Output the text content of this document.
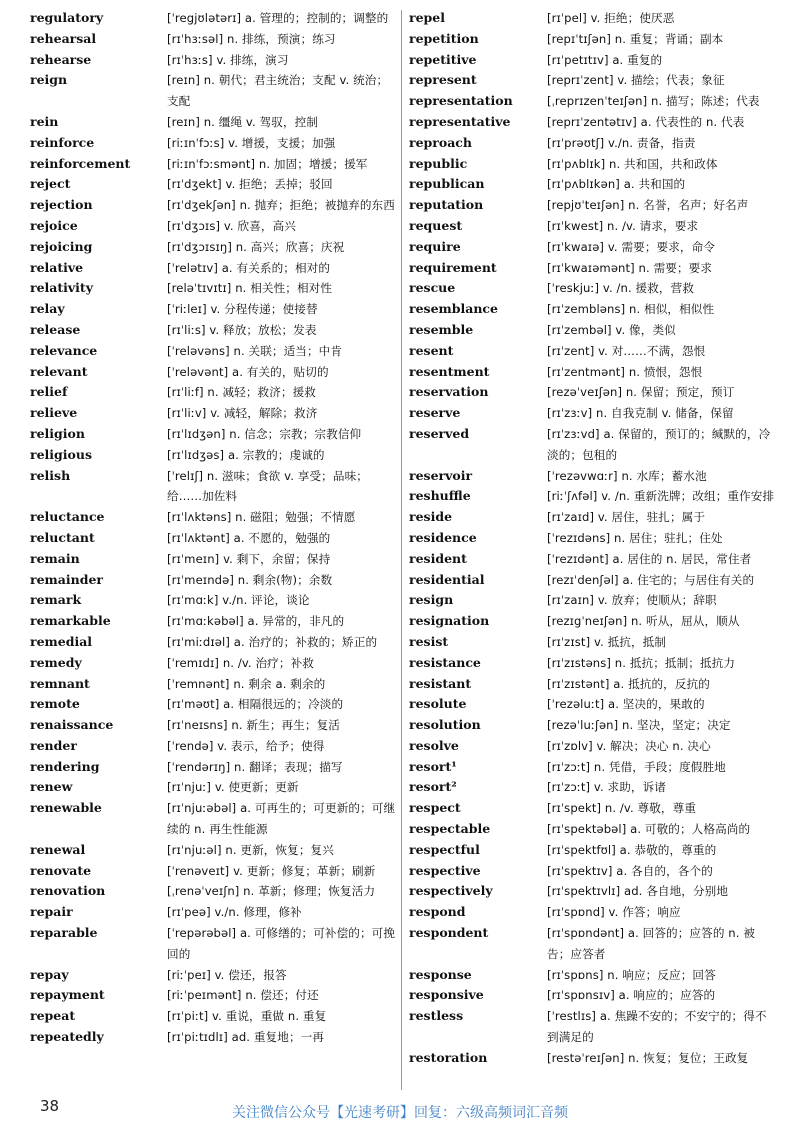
regulatory	[ˈregjʊlətərɪ] a. 管理的；控制的；调整的
rehearsal	[rɪˈhɜːsəl] n. 排练，预演；练习
rehearse	[rɪˈhɜːs] v. 排练，演习
reign	[reɪn] n. 朝代；君主统治；支配 v. 统治；支配
rein	[reɪn] n. 缰绳 v. 驾驭，控制
reinforce	[riːɪnˈfɔːs] v. 增援，支援；加强
reinforcement	[riːɪnˈfɔːsmənt] n. 加固；增援；援军
reject	[rɪˈdʒekt] v. 拒绝；丢掉；驳回
rejection	[rɪˈdʒekʃən] n. 抛弃；拒绝；被抛弃的东西
rejoice	[rɪˈdʒɔɪs] v. 欣喜，高兴
rejoicing	[rɪˈdʒɔɪsɪŋ] n. 高兴；欣喜；庆祝
relative	[ˈrelətɪv] a. 有关系的；相对的
relativity	[reləˈtɪvɪtɪ] n. 相关性；相对性
relay	[ˈriːleɪ] v. 分程传递；使接替
release	[rɪˈliːs] v. 释放；放松；发表
relevance	[ˈreləvəns] n. 关联；适当；中肯
relevant	[ˈreləvənt] a. 有关的，贴切的
relief	[rɪˈliːf] n. 减轻；救济；援救
relieve	[rɪˈliːv] v. 减轻，解除；救济
religion	[rɪˈlɪdʒən] n. 信念；宗教；宗教信仰
religious	[rɪˈlɪdʒəs] a. 宗教的；虔诚的
relish	[ˈrelɪʃ] n. 滋味；食欲 v. 享受；品味；给……加佐料
reluctance	[rɪˈlʌktəns] n. 磁阻；勉强；不情愿
reluctant	[rɪˈlʌktənt] a. 不愿的，勉强的
remain	[rɪˈmeɪn] v. 剩下，余留；保持
remainder	[rɪˈmeɪndə] n. 剩余(物)；余数
remark	[rɪˈmɑːk] v./n. 评论，谈论
remarkable	[rɪˈmɑːkəbəl] a. 异常的，非凡的
remedial	[rɪˈmiːdɪəl] a. 治疗的；补救的；矫正的
remedy	[ˈremɪdɪ] n. /v. 治疗；补救
remnant	[ˈremnənt] n. 剩余 a. 剩余的
remote	[rɪˈməʊt] a. 相隔很远的；冷淡的
renaissance	[rɪˈneɪsns] n. 新生；再生；复活
render	[ˈrendə] v. 表示，给予；使得
rendering	[ˈrendərɪŋ] n. 翻译；表现；描写
renew	[rɪˈnjuː] v. 使更新；更新
renewable	[rɪˈnjuːəbəl] a. 可再生的；可更新的；可继续的 n. 再生性能源
renewal	[rɪˈnjuːəl] n. 更新，恢复；复兴
renovate	[ˈrenəveɪt] v. 更新；修复；革新；刷新
renovation	[ˌrenəˈveɪʃn] n. 革新；修理；恢复活力
repair	[rɪˈpeə] v./n. 修理，修补
reparable	[ˈrepərəbəl] a. 可修缮的；可补偿的；可挽回的
repay	[riːˈpeɪ] v. 偿还，报答
repayment	[riːˈpeɪmənt] n. 偿还；付还
repeat	[rɪˈpiːt] v. 重说，重做 n. 重复
repeatedly	[rɪˈpiːtɪdlɪ] ad. 重复地；一再
repel	[rɪˈpel] v. 拒绝；使厌恶
repetition	[repɪˈtɪʃən] n. 重复；背诵；副本
repetitive	[rɪˈpetɪtɪv] a. 重复的
represent	[reprɪˈzent] v. 描绘；代表；象征
representation	[ˌreprɪzenˈteɪʃən] n. 描写；陈述；代表
representative	[reprɪˈzentətɪv] a. 代表性的 n. 代表
reproach	[rɪˈprəʊtʃ] v./n. 责备，指责
republic	[rɪˈpʌblɪk] n. 共和国，共和政体
republican	[rɪˈpʌblɪkən] a. 共和国的
reputation	[repjʊˈteɪʃən] n. 名誉，名声；好名声
request	[rɪˈkwest] n. /v. 请求，要求
require	[rɪˈkwaɪə] v. 需要；要求，命令
requirement	[rɪˈkwaɪəmənt] n. 需要；要求
rescue	[ˈreskjuː] v. /n. 援救，营救
resemblance	[rɪˈzembləns] n. 相似，相似性
resemble	[rɪˈzembəl] v. 像，类似
resent	[rɪˈzent] v. 对……不满，怨恨
resentment	[rɪˈzentmənt] n. 愤恨，怨恨
reservation	[rezəˈveɪʃən] n. 保留；预定，预订
reserve	[rɪˈzɜːv] n. 自我克制 v. 储备，保留
reserved	[rɪˈzɜːvd] a. 保留的，预订的；缄默的，冷淡的；包租的
reservoir	[ˈrezəvwɑːr] n. 水库；蓄水池
reshuffle	[riːˈʃʌfəl] v. /n. 重新洗牌；改组；重作安排
reside	[rɪˈzaɪd] v. 居住，驻扎；属于
residence	[ˈrezɪdəns] n. 居住；驻扎；住处
resident	[ˈrezɪdənt] a. 居住的 n. 居民，常住者
residential	[rezɪˈdenʃəl] a. 住宅的；与居住有关的
resign	[rɪˈzaɪn] v. 放弃；使顺从；辞职
resignation	[rezɪgˈneɪʃən] n. 听从，屈从，顺从
resist	[rɪˈzɪst] v. 抵抗，抵制
resistance	[rɪˈzɪstəns] n. 抵抗；抵制；抵抗力
resistant	[rɪˈzɪstənt] a. 抵抗的，反抗的
resolute	[ˈrezəluːt] a. 坚决的，果敢的
resolution	[rezəˈluːʃən] n. 坚决，坚定；决定
resolve	[rɪˈzɒlv] v. 解决；决心 n. 决心
resort¹	[rɪˈzɔːt] n. 凭借，手段；度假胜地
resort²	[rɪˈzɔːt] v. 求助，诉诸
respect	[rɪˈspekt] n. /v. 尊敬，尊重
respectable	[rɪˈspektəbəl] a. 可敬的；人格高尚的
respectful	[rɪˈspektfʊl] a. 恭敬的，尊重的
respective	[rɪˈspektɪv] a. 各自的，各个的
respectively	[rɪˈspektɪvlɪ] ad. 各自地，分别地
respond	[rɪˈspɒnd] v. 作答；响应
respondent	[rɪˈspɒndənt] a. 回答的；应答的 n. 被告；应答者
response	[rɪˈspɒns] n. 响应；反应；回答
responsive	[rɪˈspɒnsɪv] a. 响应的；应答的
restless	[ˈrestlɪs] a. 焦躁不安的；不安宁的；得不到满足的
restoration	[restəˈreɪʃən] n. 恢复；复位；王政复
38	关注微信公众号【光速考研】回复：六级高频词汇音频
